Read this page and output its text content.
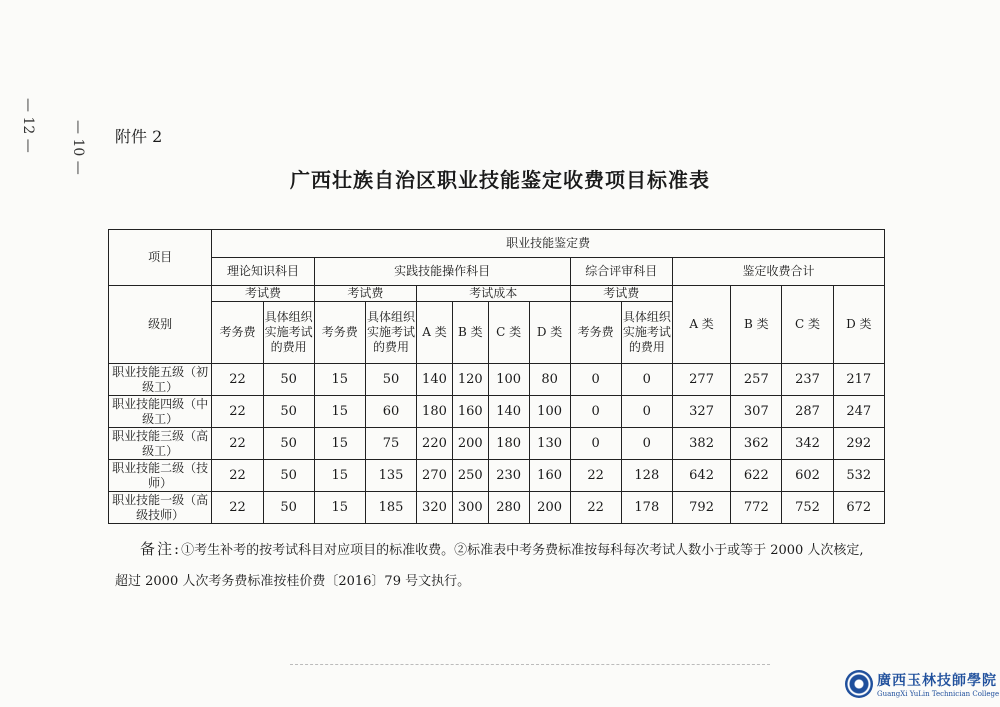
— 12 — — 10 — 附件 2
广西壮族自治区职业技能鉴定收费项目标准表
项目	职业技能鉴定费													
	理论知识科目		实践技能操作科目						综合评审科目		鉴定收费合计			
级别	考试费		考试费		考试成本				考试费		A 类	B 类	C 类	D 类
	考务费	具体组织实施考试的费用	考务费	具体组织实施考试的费用	A 类	B 类	C 类	D 类	考务费	具体组织实施考试的费用				
职业技能五级（初级工）	22	50	15	50	140	120	100	80	0	0	277	257	237	217
职业技能四级（中级工）	22	50	15	60	180	160	140	100	0	0	327	307	287	247
职业技能三级（高级工）	22	50	15	75	220	200	180	130	0	0	382	362	342	292
职业技能二级（技师）	22	50	15	135	270	250	230	160	22	128	642	622	602	532
职业技能一级（高级技师）	22	50	15	185	320	300	280	200	22	178	792	772	752	672
备注:①考生补考的按考试科目对应项目的标准收费。②标准表中考务费标准按每科每次考试人数小于或等于 2000 人次核定,
超过 2000 人次考务费标准按桂价费〔2016〕79 号文执行。
廣西玉林技師學院
GuangXi YuLin Technician College
